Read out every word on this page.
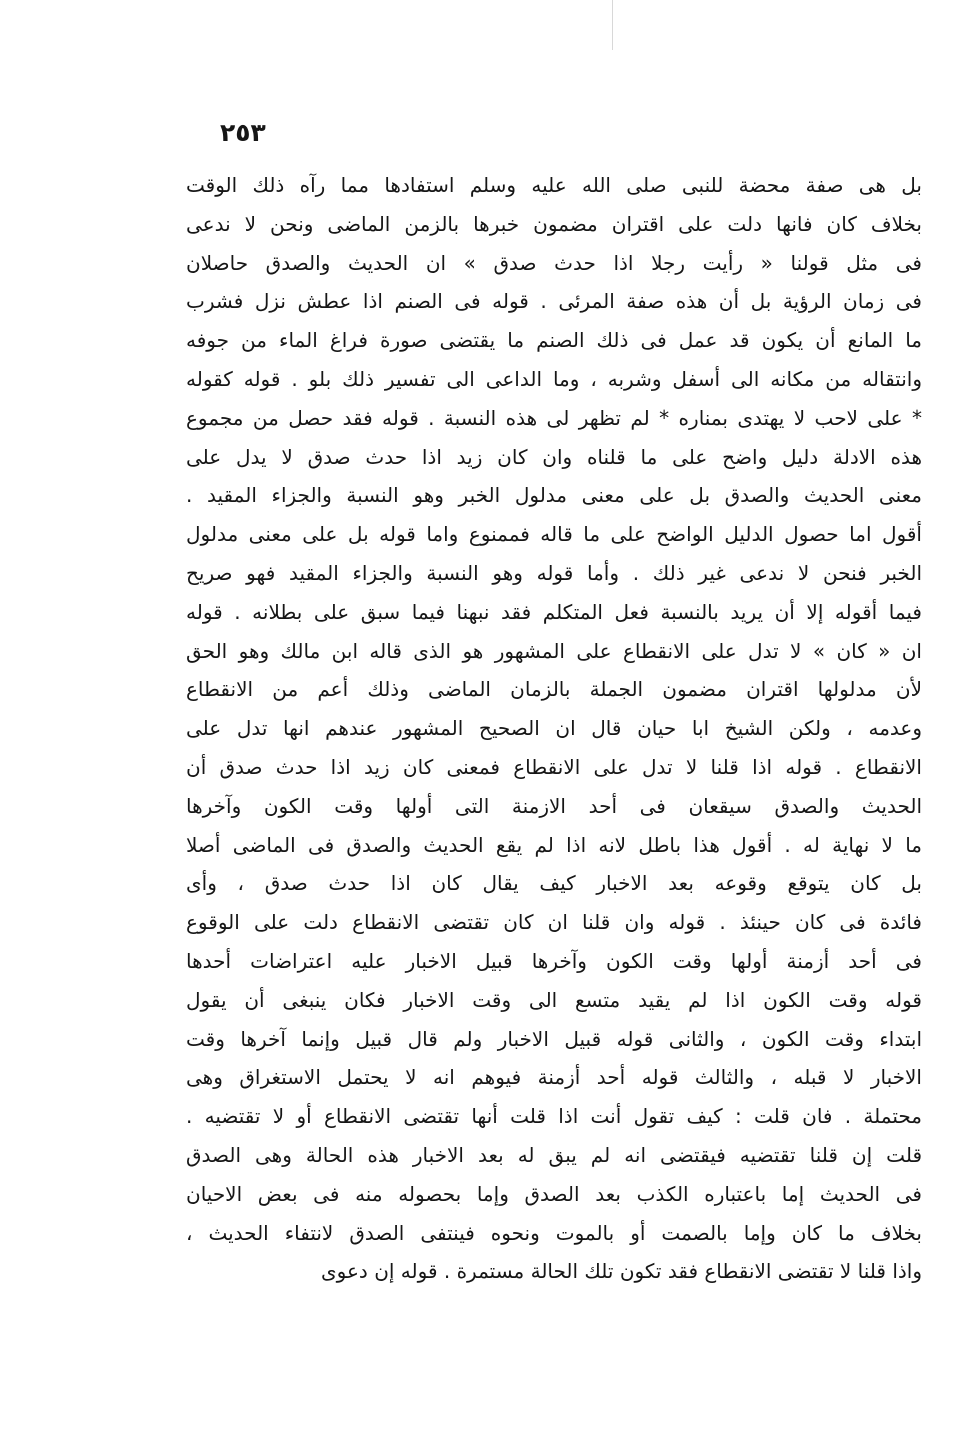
٢٥٣
بل هى صفة محضة للنبى صلى الله عليه وسلم استفادها مما رآه ذلك الوقت
بخلاف كان فانها دلت على اقتران مضمون خبرها بالزمن الماضى ونحن لا ندعى
فى مثل قولنا « رأيت رجلا اذا حدث صدق » ان الحديث والصدق حاصلان
فى زمان الرؤية بل أن هذه صفة المرئى . قوله فى الصنم اذا عطش نزل فشرب
ما المانع أن يكون قد عمل فى ذلك الصنم ما يقتضى صورة فراغ الماء من جوفه
وانتقاله من مكانه الى أسفل وشربه ، وما الداعى الى تفسير ذلك بلو . قوله كقوله
* على لاحب لا يهتدى بمناره * لم تظهر لى هذه النسبة . قوله فقد حصل من مجموع
هذه الادلة دليل واضح على ما قلناه وان كان زيد اذا حدث صدق لا يدل على
معنى الحديث والصدق بل على معنى مدلول الخبر وهو النسبة والجزاء المقيد .
أقول اما حصول الدليل الواضح على ما قاله فممنوع واما قوله بل على معنى مدلول
الخبر فنحن لا ندعى غير ذلك . وأما قوله وهو النسبة والجزاء المقيد فهو صريح
فيما أقوله إلا أن يريد بالنسبة فعل المتكلم فقد نبهنا فيما سبق على بطلانه . قوله
ان « كان » لا تدل على الانقطاع على المشهور هو الذى قاله ابن مالك وهو الحق
لأن مدلولها اقتران مضمون الجملة بالزمان الماضى وذلك أعم من الانقطاع
وعدمه ، ولكن الشيخ ابا حيان قال ان الصحيح المشهور عندهم انها تدل على
الانقطاع . قوله اذا قلنا لا تدل على الانقطاع فمعنى كان زيد اذا حدث صدق أن
الحديث والصدق سيقعان فى أحد الازمنة التى أولها وقت الكون وآخرها
ما لا نهاية له . أقول هذا باطل لانه اذا لم يقع الحديث والصدق فى الماضى أصلا
بل كان يتوقع وقوعه بعد الاخبار كيف يقال كان اذا حدث صدق ، وأى
فائدة فى كان حينئذ . قوله وان قلنا ان كان تقتضى الانقطاع دلت على الوقوع
فى أحد أزمنة أولها وقت الكون وآخرها قبيل الاخبار عليه اعتراضات أحدها
قوله وقت الكون اذا لم يقيد متسع الى وقت الاخبار فكان ينبغى أن يقول
ابتداء وقت الكون ، والثانى قوله قبيل الاخبار ولم قال قبيل وإنما آخرها وقت
الاخبار لا قبله ، والثالث قوله أحد أزمنة فيوهم انه لا يحتمل الاستغراق وهى
محتملة . فان قلت : كيف تقول أنت اذا قلت أنها تقتضى الانقطاع أو لا تقتضيه .
قلت إن قلنا تقتضيه فيقتضى انه لم يبق له بعد الاخبار هذه الحالة وهى الصدق
فى الحديث إما باعتباره الكذب بعد الصدق وإما بحصوله منه فى بعض الاحيان
بخلاف ما كان وإما بالصمت أو بالموت ونحوه فينتفى الصدق لانتفاء الحديث ،
واذا قلنا لا تقتضى الانقطاع فقد تكون تلك الحالة مستمرة . قوله إن دعوى
